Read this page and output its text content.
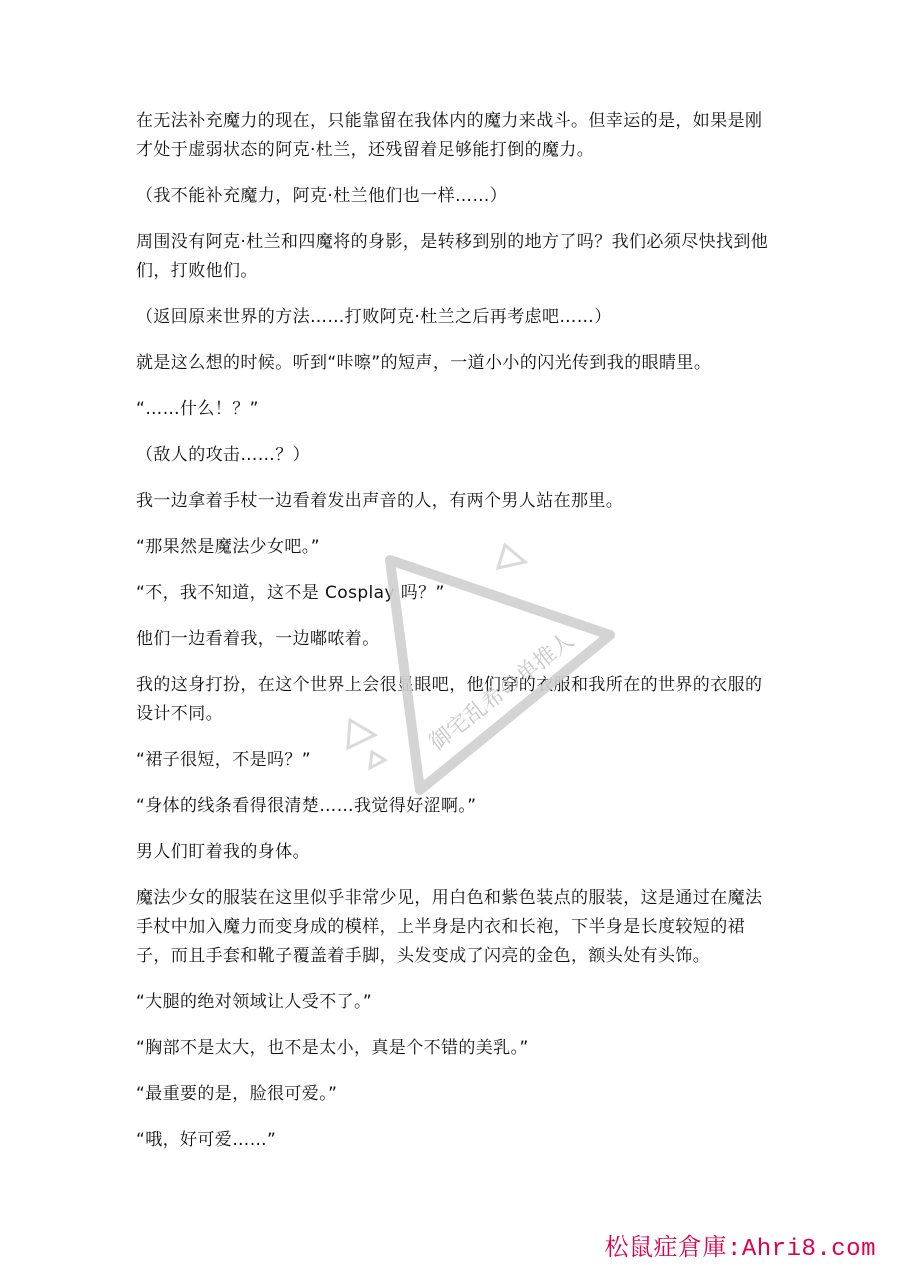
在无法补充魔力的现在，只能靠留在我体内的魔力来战斗。但幸运的是，如果是刚才处于虚弱状态的阿克·杜兰，还残留着足够能打倒的魔力。

（我不能补充魔力，阿克·杜兰他们也一样……）

周围没有阿克·杜兰和四魔将的身影，是转移到别的地方了吗？我们必须尽快找到他们，打败他们。

（返回原来世界的方法……打败阿克·杜兰之后再考虑吧……）

就是这么想的时候。听到“咔嚓”的短声，一道小小的闪光传到我的眼睛里。

“……什么！？”

（敌人的攻击……？）

我一边拿着手杖一边看着发出声音的人，有两个男人站在那里。

“那果然是魔法少女吧。”

“不，我不知道，这不是 Cosplay 吗？”

他们一边看着我，一边嘟哝着。

我的这身打扮，在这个世界上会很显眼吧，他们穿的衣服和我所在的世界的衣服的设计不同。

“裙子很短，不是吗？”

“身体的线条看得很清楚……我觉得好涩啊。”

男人们盯着我的身体。

魔法少女的服装在这里似乎非常少见，用白色和紫色装点的服装，这是通过在魔法手杖中加入魔力而变身成的模样，上半身是内衣和长袍，下半身是长度较短的裙子，而且手套和靴子覆盖着手脚，头发变成了闪亮的金色，额头处有头饰。

“大腿的绝对领域让人受不了。”

“胸部不是太大，也不是太小，真是个不错的美乳。”

“最重要的是，脸很可爱。”

“哦，好可爱……”

御宅乱希の单推人
松鼠症倉庫:Ahri8.com
